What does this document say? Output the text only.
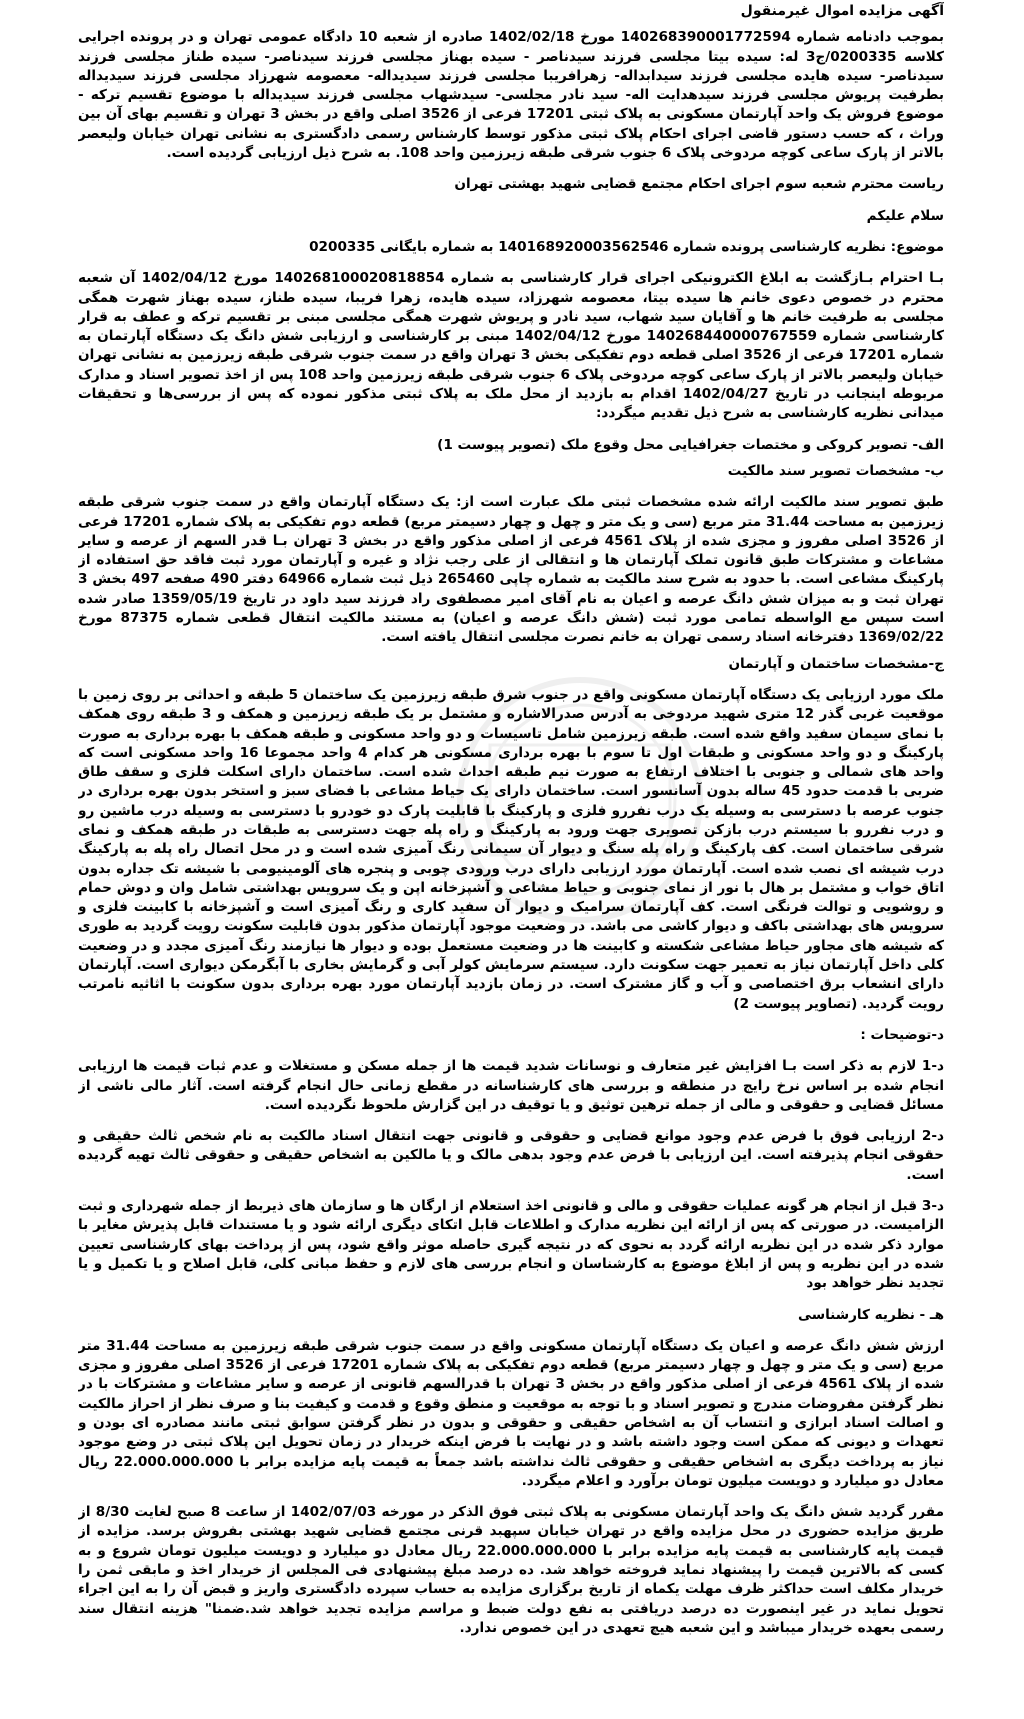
آگهی مزایده اموال غیرمنقول

بموجب دادنامه شماره 140268390001772594 مورخ 1402/02/18 صادره از شعبه 10 دادگاه عمومی تهران و در پرونده اجرایی کلاسه 0200335/ج3 له: سیده بیتا مجلسی فرزند سیدناصر - سیده بهناز مجلسی فرزند سیدناصر- سیده طناز مجلسی فرزند سیدناصر- سیده هایده مجلسی فرزند سیدابداله- زهرافریبا مجلسی فرزند سیدیداله- معصومه شهرزاد مجلسی فرزند سیدیداله بطرفیت پریوش مجلسی فرزند سیدهدایت اله- سید نادر مجلسی- سیدشهاب مجلسی فرزند سیدیداله با موضوع تقسیم ترکه - موضوع فروش یک واحد آپارتمان مسکونی به پلاک ثبتی 17201 فرعی از 3526 اصلی واقع در بخش 3 تهران و تقسیم بهای آن بین وراث ، که حسب دستور قاضی اجرای احکام پلاک ثبتی مذکور توسط کارشناس رسمی دادگستری به نشانی تهران خیابان ولیعصر بالاتر از پارک ساعی کوچه مردوخی پلاک 6 جنوب شرقی طبقه زیرزمین واحد 108. به شرح ذیل ارزیابی گردیده است.

ریاست محترم شعبه سوم اجرای احکام مجتمع قضایی شهید بهشتی تهران

سلام علیکم

موضوع: نظریه کارشناسی پرونده شماره 140168920003562546 به شماره بایگانی 0200335

بـا احترام بـازگشت به ابلاغ الکترونیکی اجرای قرار کارشناسی به شماره 140268100020818854 مورخ 1402/04/12 آن شعبه محترم در خصوص دعوی خانم ها سیده بیتا، معصومه شهرزاد، سیده هایده، زهرا فریبا، سیده طناز، سیده بهناز شهرت همگی مجلسی به طرفیت خانم ها و آقایان سید شهاب، سید نادر و پریوش شهرت همگی مجلسی مبنی بر تقسیم ترکه و عطف به قرار کارشناسی شماره 140268440000767559 مورخ 1402/04/12 مبنی بر کارشناسی و ارزیابی شش دانگ یک دستگاه آپارتمان به شماره 17201 فرعی از 3526 اصلی قطعه دوم تفکیکی بخش 3 تهران واقع در سمت جنوب شرقی طبقه زیرزمین به نشانی تهران خیابان ولیعصر بالاتر از پارک ساعی کوچه مردوخی پلاک 6 جنوب شرقی طبقه زیرزمین واحد 108 پس از اخذ تصویر اسناد و مدارک مربوطه اینجانب در تاریخ 1402/04/27 اقدام به بازدید از محل ملک به پلاک ثبتی مذکور نموده که پس از بررسی‌ها و تحقیقات میدانی نظریه کارشناسی به شرح ذیل تقدیم میگردد:

الف- تصویر کروکی و مختصات جغرافیایی محل وقوع ملک (تصویر پیوست 1)

ب- مشخصات تصویر سند مالکیت

طبق تصویر سند مالکیت ارائه شده مشخصات ثبتی ملک عبارت است از: یک دستگاه آپارتمان واقع در سمت جنوب شرقی طبقه زیرزمین به مساحت 31.44 متر مربع (سی و یک متر و چهل و چهار دسیمتر مربع) قطعه دوم تفکیکی به پلاک شماره 17201 فرعی از 3526 اصلی مفروز و مجزی شده از پلاک 4561 فرعی از اصلی مذکور واقع در بخش 3 تهران بـا قدر السهم از عرصه و سایر مشاعات و مشترکات طبق قانون تملک آپارتمان ها و انتقالی از علی رجب نژاد و غیره و آپارتمان مورد ثبت فاقد حق استفاده از پارکینگ مشاعی است. با حدود به شرح سند مالکیت به شماره چاپی 265460 ذیل ثبت شماره 64966 دفتر 490 صفحه 497 بخش 3 تهران ثبت و به میزان شش دانگ عرصه و اعیان به نام آقای امیر مصطفوی راد فرزند سید داود در تاریخ 1359/05/19 صادر شده است سپس مع الواسطه تمامی مورد ثبت (شش دانگ عرصه و اعیان) به مستند مالکیت انتقال قطعی شماره 87375 مورخ 1369/02/22 دفترخانه اسناد رسمی تهران به خانم نصرت مجلسی انتقال یافته است.

ج-مشخصات ساختمان و آپارتمان

ملک مورد ارزیابی یک دستگاه آپارتمان مسکونی واقع در جنوب شرق طبقه زیرزمین یک ساختمان 5 طبقه و احداثی بر روی زمین با موقعیت غربی گذر 12 متری شهید مردوخی به آدرس صدرالاشاره و مشتمل بر یک طبقه زیرزمین و همکف و 3 طبقه روی همکف با نمای سیمان سفید واقع شده است. طبقه زیرزمین شامل تاسیسات و دو واحد مسکونی و طبقه همکف با بهره برداری به صورت پارکینگ و دو واحد مسکونی و طبقات اول تا سوم با بهره برداری مسکونی هر کدام 4 واحد مجموعا 16 واحد مسکونی است که واحد های شمالی و جنوبی با اختلاف ارتفاع به صورت نیم طبقه احداث شده است. ساختمان دارای اسکلت فلزی و سقف طاق ضربی با قدمت حدود 45 ساله بدون آسانسور است. ساختمان دارای یک حیاط مشاعی با فضای سبز و استخر بدون بهره برداری در جنوب عرصه با دسترسی به وسیله یک درب نفررو فلزی و پارکینگ با قابلیت پارک دو خودرو با دسترسی به وسیله درب ماشین رو و درب نفررو با سیستم درب بازکن تصویری جهت ورود به پارکینگ و راه پله جهت دسترسی به طبقات در طبقه همکف و نمای شرقی ساختمان است. کف پارکینگ و راه پله سنگ و دیوار آن سیمانی رنگ آمیزی شده است و در محل اتصال راه پله به پارکینگ درب شیشه ای نصب شده است. آپارتمان مورد ارزیابی دارای درب ورودی چوبی و پنجره های آلومینیومی با شیشه تک جداره بدون اتاق خواب و مشتمل بر هال با نور از نمای جنوبی و حیاط مشاعی و آشپزخانه اپن و یک سرویس بهداشتی شامل وان و دوش حمام و روشویی و توالت فرنگی است. کف آپارتمان سرامیک و دیوار آن سفید کاری و رنگ آمیزی است و آشپزخانه با کابینت فلزی و سرویس های بهداشتی باکف و دیوار کاشی می باشد. در وضعیت موجود آپارتمان مذکور بدون قابلیت سکونت رویت گردید به طوری که شیشه های مجاور حیاط مشاعی شکسته و کابینت ها در وضعیت مستعمل بوده و دیوار ها نیازمند رنگ آمیزی مجدد و در وضعیت کلی داخل آپارتمان نیاز به تعمیر جهت سکونت دارد. سیستم سرمایش کولر آبی و گرمایش بخاری با آبگرمکن دیواری است. آپارتمان دارای انشعاب برق اختصاصی و آب و گاز مشترک است. در زمان بازدید آپارتمان مورد بهره برداری بدون سکونت با اثاثیه نامرتب رویت گردید. (تصاویر پیوست 2)

د-توضیحات :

د-1 لازم به ذکر است بـا افزایش غیر متعارف و نوسانات شدید قیمت ها از جمله مسکن و مستغلات و عدم ثبات قیمت ها ارزیابی انجام شده بر اساس نرخ رایج در منطقه و بررسی های کارشناسانه در مقطع زمانی حال انجام گرفته است. آثار مالی ناشی از مسائل قضایی و حقوقی و مالی از جمله ترهین توثیق و یا توقیف در این گزارش ملحوظ نگردیده است.

د-2 ارزیابی فوق با فرض عدم وجود موانع قضایی و حقوقی و قانونی جهت انتقال اسناد مالکیت به نام شخص ثالث حقیقی و حقوقی انجام پذیرفته است. این ارزیابی با فرض عدم وجود بدهی مالک و یا مالکین به اشخاص حقیقی و حقوقی ثالث تهیه گردیده است.

د-3 قبل از انجام هر گونه عملیات حقوقی و مالی و قانونی اخذ استعلام از ارگان ها و سازمان های ذیربط از جمله شهرداری و ثبت الزامیست. در صورتی که پس از ارائه این نظریه مدارک و اطلاعات قابل اتکای دیگری ارائه شود و یا مستندات قابل پذیرش مغایر با موارد ذکر شده در این نظریه ارائه گردد به نحوی که در نتیجه گیری حاصله موثر واقع شود، پس از پرداخت بهای کارشناسی تعیین شده در این نظریه و پس از ابلاغ موضوع به کارشناسان و انجام بررسی های لازم و حفظ مبانی کلی، قابل اصلاح و یا تکمیل و یا تجدید نظر خواهد بود

هـ - نظریه کارشناسی

ارزش شش دانگ عرصه و اعیان یک دستگاه آپارتمان مسکونی واقع در سمت جنوب شرقی طبقه زیرزمین به مساحت 31.44 متر مربع (سی و یک متر و چهل و چهار دسیمتر مربع) قطعه دوم تفکیکی به پلاک شماره 17201 فرعی از 3526 اصلی مفروز و مجزی شده از پلاک 4561 فرعی از اصلی مذکور واقع در بخش 3 تهران با قدرالسهم قانونی از عرصه و سایر مشاعات و مشترکات با در نظر گرفتن مفروضات مندرج و تصویر اسناد و با توجه به موقعیت و منطق وقوع و قدمت و کیفیت بنا و صرف نظر از احراز مالکیت و اصالت اسناد ابرازی و انتساب آن به اشخاص حقیقی و حقوقی و بدون در نظر گرفتن سوابق ثبتی مانند مصادره ای بودن و تعهدات و دیونی که ممکن است وجود داشته باشد و در نهایت با فرض اینکه خریدار در زمان تحویل این پلاک ثبتی در وضع موجود نیاز به پرداخت دیگری به اشخاص حقیقی و حقوقی ثالث نداشته باشد جمعاً به قیمت پایه مزایده برابر با 22.000.000.000 ریال معادل دو میلیارد و دویست میلیون تومان برآورد و اعلام میگردد.

مقرر گردید شش دانگ یک واحد آپارتمان مسکونی به پلاک ثبتی فوق الذکر در مورخه 1402/07/03 از ساعت 8 صبح لغایت 8/30 از طریق مزایده حضوری در محل مزایده واقع در تهران خیابان سپهبد قرنی مجتمع قضایی شهید بهشتی بفروش برسد. مزایده از قیمت پایه کارشناسی به قیمت پایه مزایده برابر با 22.000.000.000 ریال معادل دو میلیارد و دویست میلیون تومان شروع و به کسی که بالاترین قیمت را پیشنهاد نماید فروخته خواهد شد. ده درصد مبلغ پیشنهادی فی المجلس از خریدار اخذ و مابقی ثمن را خریدار مکلف است حداکثر ظرف مهلت یکماه از تاریخ برگزاری مزایده به حساب سپرده دادگستری واریز و قبض آن را به این اجراء تحویل نماید در غیر اینصورت ده درصد دریافتی به نفع دولت ضبط و مراسم مزایده تجدید خواهد شد.ضمنا" هزینه انتقال سند رسمی بعهده خریدار میباشد و این شعبه هیچ تعهدی در این خصوص ندارد.
